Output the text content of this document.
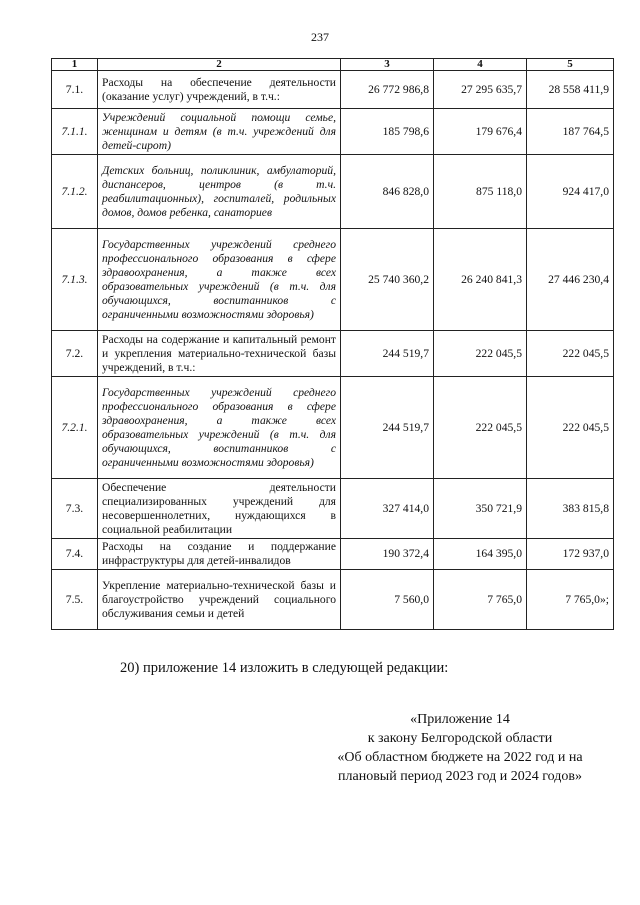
237
1	2	3	4	5
7.1.	Расходы на обеспечение деятельности (оказание услуг) учреждений, в т.ч.:	26 772 986,8	27 295 635,7	28 558 411,9
7.1.1.	Учреждений социальной помощи семье, женщинам и детям (в т.ч. учреждений для детей-сирот)	185 798,6	179 676,4	187 764,5
7.1.2.	Детских больниц, поликлиник, амбулаторий, диспансеров, центров (в т.ч. реабилитационных), госпиталей, родильных домов, домов ребенка, санаториев	846 828,0	875 118,0	924 417,0
7.1.3.	Государственных учреждений среднего профессионального образования в сфере здравоохранения, а также всех образовательных учреждений (в т.ч. для обучающихся, воспитанников с ограниченными возможностями здоровья)	25 740 360,2	26 240 841,3	27 446 230,4
7.2.	Расходы на содержание и капитальный ремонт и укрепления материально-технической базы учреждений, в т.ч.:	244 519,7	222 045,5	222 045,5
7.2.1.	Государственных учреждений среднего профессионального образования в сфере здравоохранения, а также всех образовательных учреждений (в т.ч. для обучающихся, воспитанников с ограниченными возможностями здоровья)	244 519,7	222 045,5	222 045,5
7.3.	Обеспечение деятельности специализированных учреждений для несовершеннолетних, нуждающихся в социальной реабилитации	327 414,0	350 721,9	383 815,8
7.4.	Расходы на создание и поддержание инфраструктуры для детей-инвалидов	190 372,4	164 395,0	172 937,0
7.5.	Укрепление материально-технической базы и благоустройство учреждений социального обслуживания семьи и детей	7 560,0	7 765,0	7 765,0»;
20) приложение 14 изложить в следующей редакции:
«Приложение 14
к закону Белгородской области
«Об областном бюджете на 2022 год и на
плановый период 2023 год и 2024 годов»
